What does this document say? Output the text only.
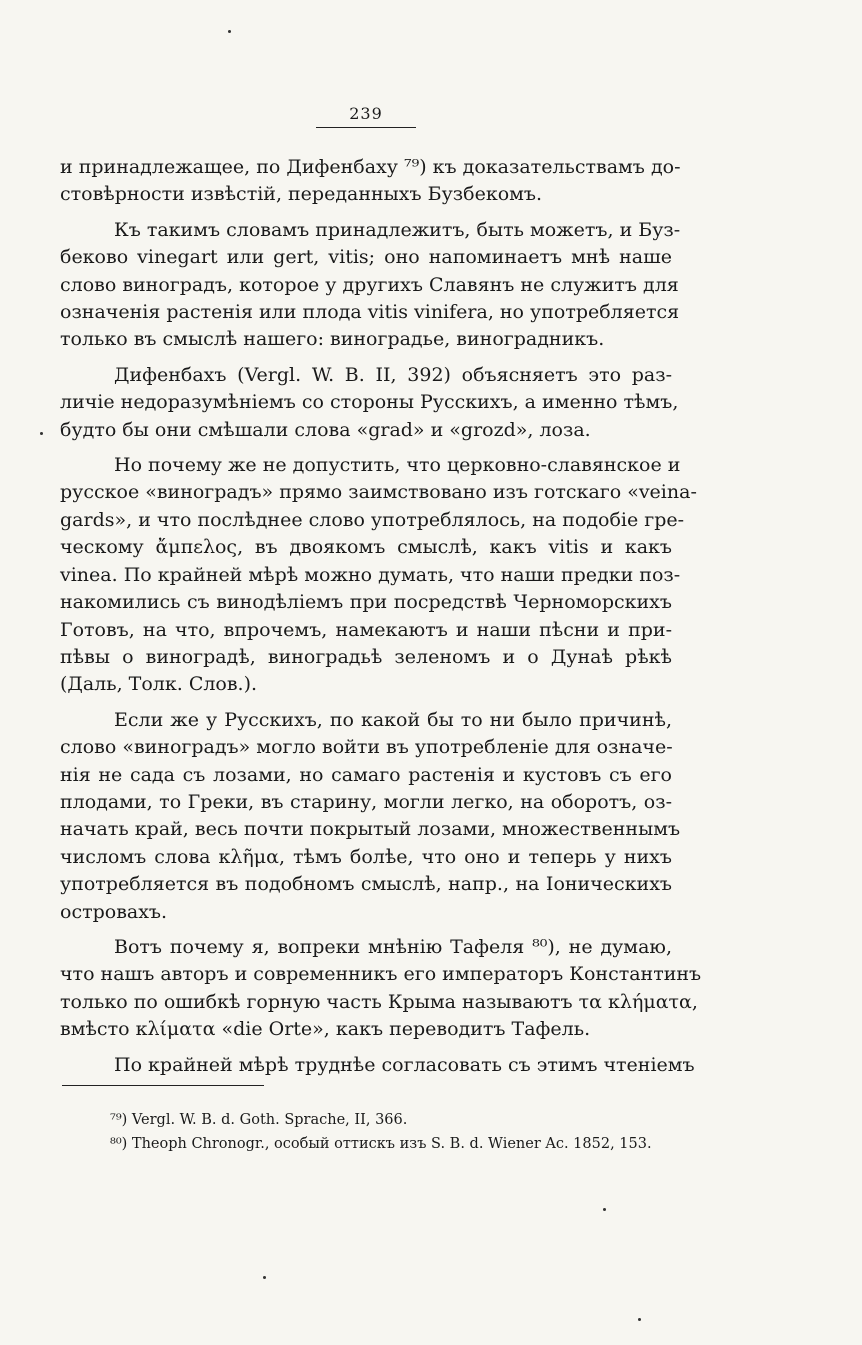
239
и принадлежащее, по Дифенбаху ⁷⁹) къ доказательствамъ до-
стовѣрности извѣстій, переданныхъ Бузбекомъ.
Къ такимъ словамъ принадлежитъ, быть можетъ, и Буз-
беково vinegart или gert, vitis; оно напоминаетъ мнѣ наше
слово виноградъ, которое у другихъ Славянъ не служитъ для
означенія растенія или плода vitis vinifera, но употребляется
только въ смыслѣ нашего: виноградье, виноградникъ.
Дифенбахъ (Vergl. W. B. II, 392) объясняетъ это раз-
личіе недоразумѣніемъ со стороны Русскихъ, а именно тѣмъ,
будто бы они смѣшали слова «grad» и «grozd», лоза.
Но почему же не допустить, что церковно-славянское и
русское «виноградъ» прямо заимствовано изъ готскаго «veina-
gards», и что послѣднее слово употреблялось, на подобіе гре-
ческому ἄμπελος, въ двоякомъ смыслѣ, какъ vitis и какъ
vinea. По крайней мѣрѣ можно думать, что наши предки поз-
накомились съ винодѣліемъ при посредствѣ Черноморскихъ
Готовъ, на что, впрочемъ, намекаютъ и наши пѣсни и при-
пѣвы о виноградѣ, виноградьѣ зеленомъ и о Дунаѣ рѣкѣ
(Даль, Толк. Слов.).
Если же у Русскихъ, по какой бы то ни было причинѣ,
слово «виноградъ» могло войти въ употребленіе для означе-
нія не сада съ лозами, но самаго растенія и кустовъ съ его
плодами, то Греки, въ старину, могли легко, на оборотъ, оз-
начать край, весь почти покрытый лозами, множественнымъ
числомъ слова κλῆμα, тѣмъ болѣе, что оно и теперь у нихъ
употребляется въ подобномъ смыслѣ, напр., на Іоническихъ
островахъ.
Вотъ почему я, вопреки мнѣнію Тафеля ⁸⁰), не думаю,
что нашъ авторъ и современникъ его императоръ Константинъ
только по ошибкѣ горную часть Крыма называютъ τα κλήματα,
вмѣсто κλίματα «die Orte», какъ переводитъ Тафель.
По крайней мѣрѣ труднѣе согласовать съ этимъ чтеніемъ
⁷⁹) Vergl. W. B. d. Goth. Sprache, II, 366.
⁸⁰) Theoph Chronogr., особый оттискъ изъ S. B. d. Wiener Ac. 1852, 153.
